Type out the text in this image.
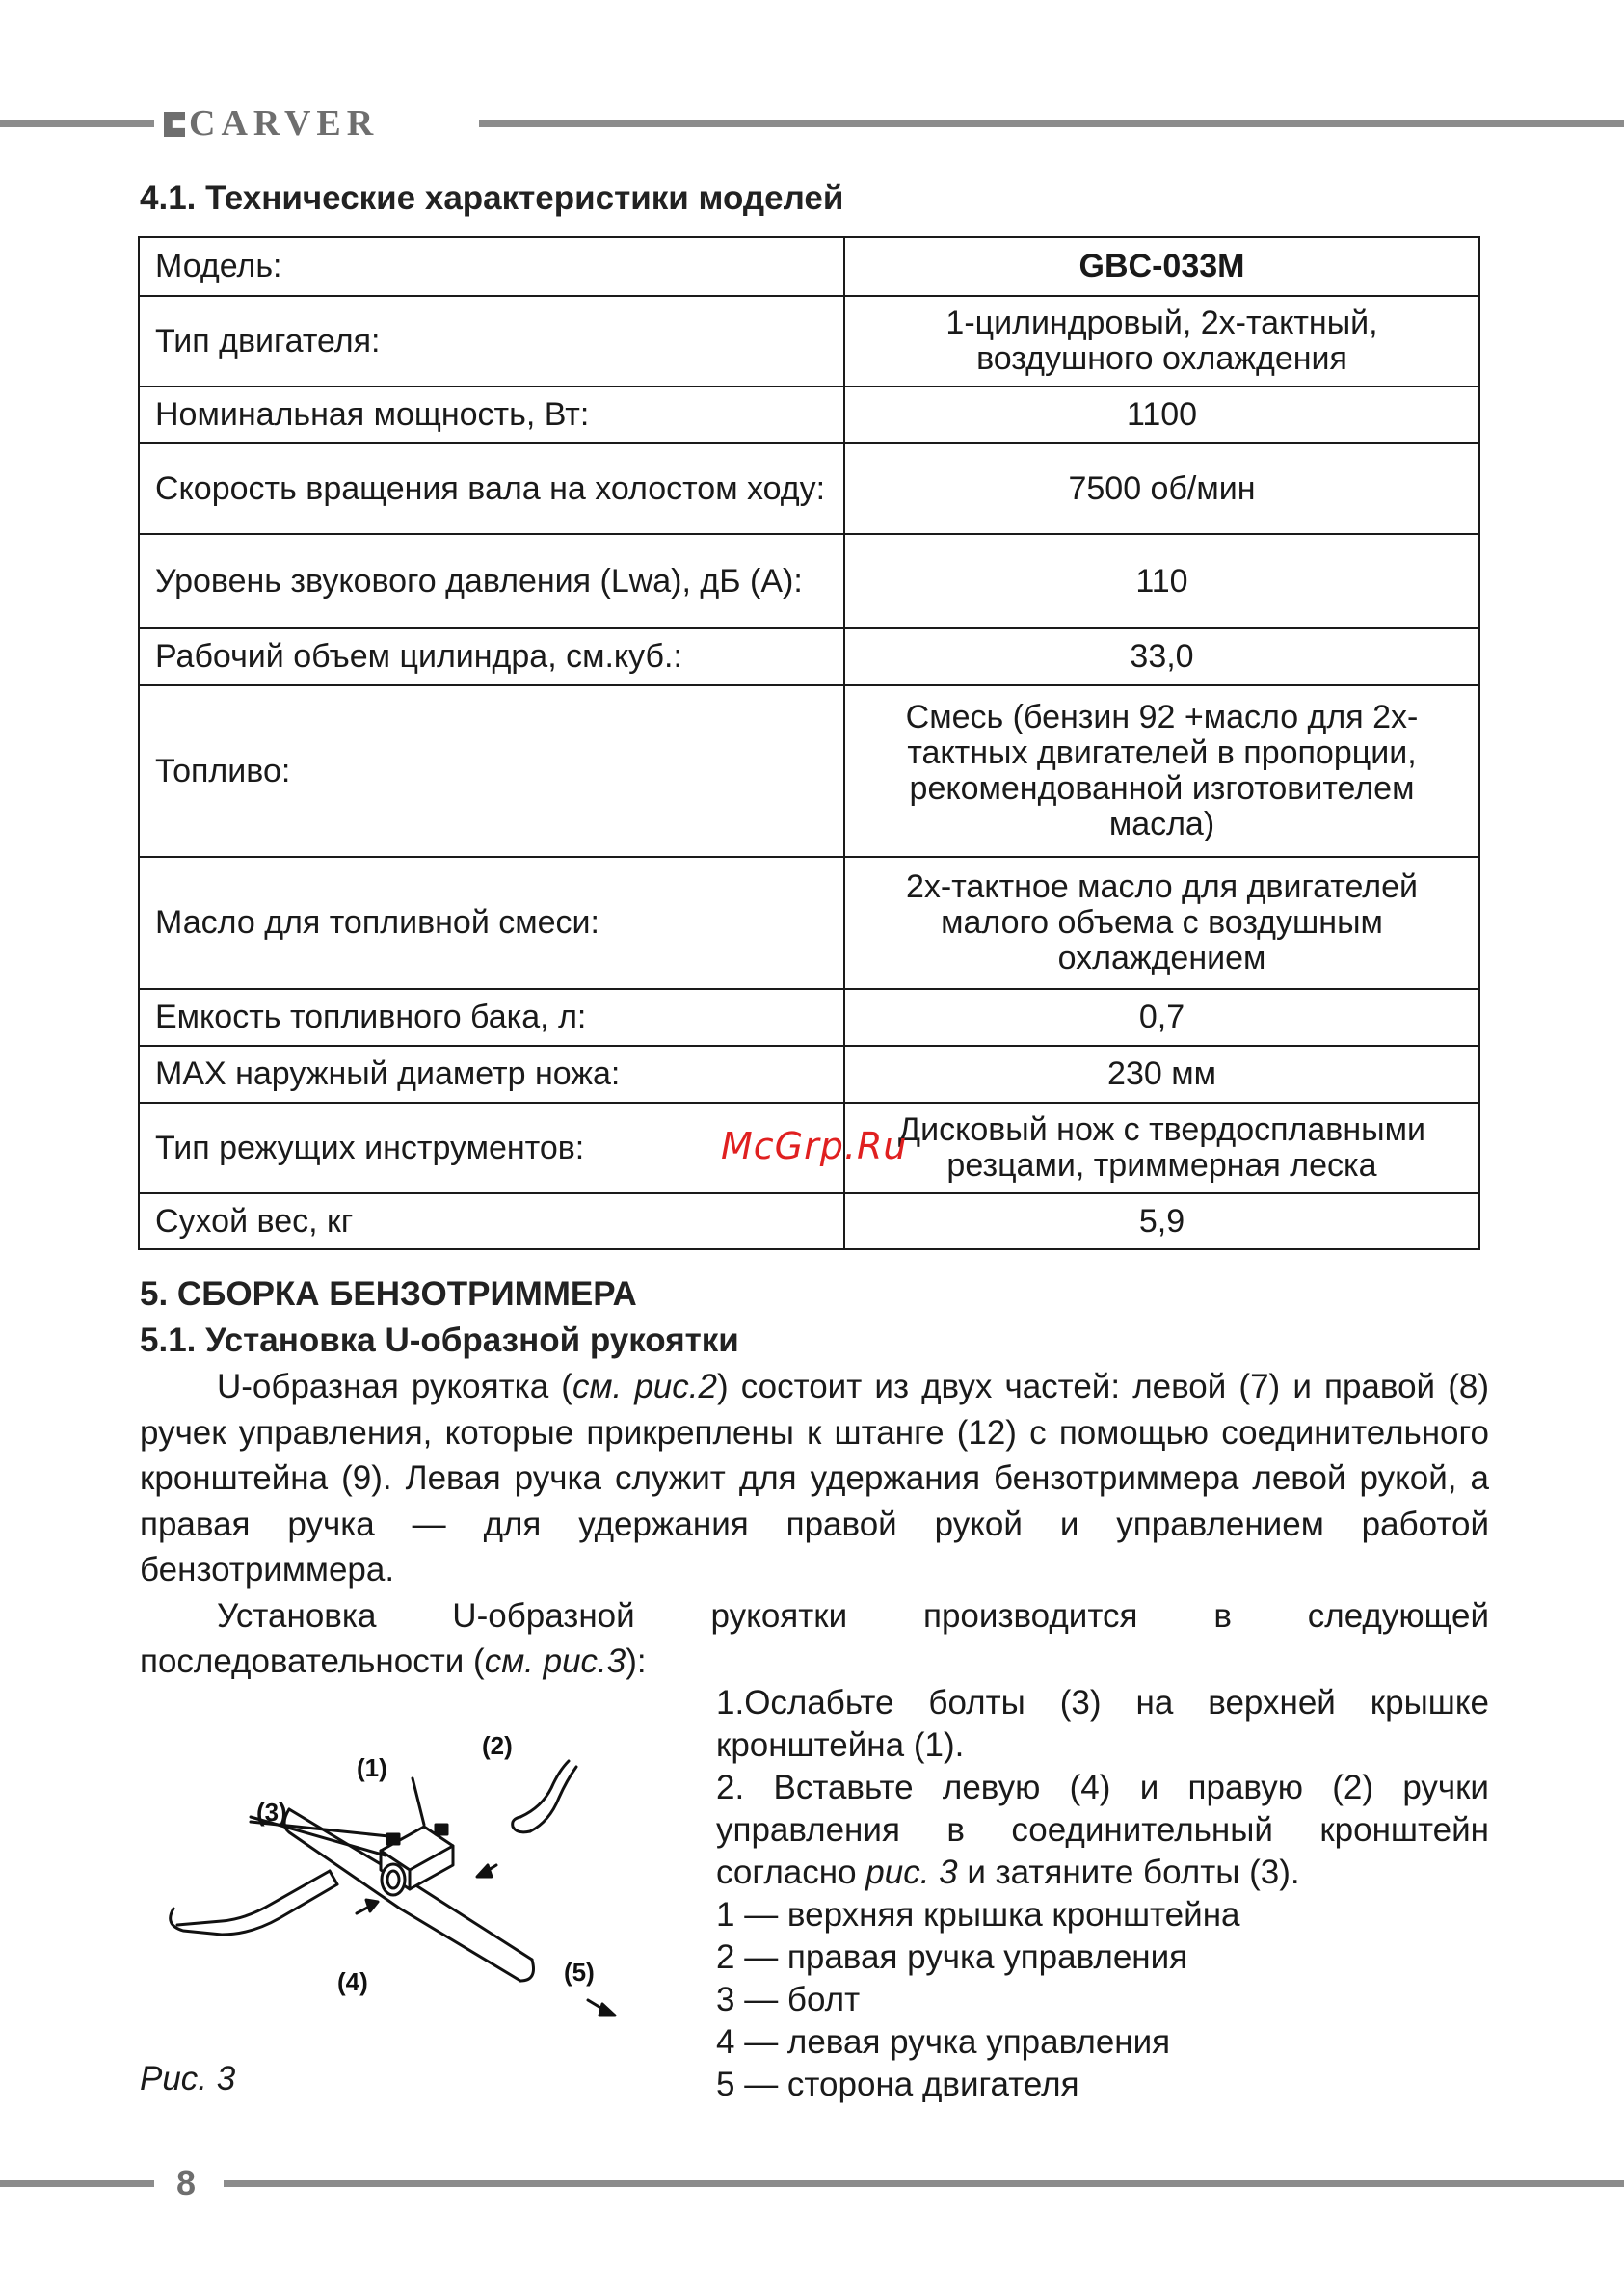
CARVER
4.1. Технические характеристики моделей
Модель:	GBC-033M
Тип двигателя:	1-цилиндровый, 2х-тактный, воздушного охлаждения
Номинальная мощность, Вт:	1100
Скорость вращения вала на холостом ходу:	7500 об/мин
Уровень звукового давления (Lwa), дБ (А):	110
Рабочий объем цилиндра, см.куб.:	33,0
Топливо:	Смесь (бензин 92 +масло для 2х-тактных двигателей в пропорции, рекомендованной изготовителем масла)
Масло для топливной смеси:	2х-тактное масло для двигателей малого объема с воздушным охлаждением
Емкость топливного бака, л:	0,7
MAX наружный диаметр ножа:	230 мм
Тип режущих инструментов:	Дисковый нож с твердосплавными резцами, триммерная леска
Сухой вес, кг	5,9
McGrp.Ru
5. СБОРКА БЕНЗОТРИММЕРА
5.1. Установка U-образной рукоятки

U-образная рукоятка (см. рис.2) состоит из двух частей: левой (7) и правой (8) ручек управления, которые прикреплены к штанге (12) с помощью соединительного кронштейна (9). Левая ручка служит для удержания бензотриммера левой рукой, а правая ручка — для удержания правой рукой и управлением работой бензотриммера.

Установка U-образной рукоятки производится в следующей последовательности (см. рис.3):

(1)
(2)
(3)
(4)	(5)
Рис. 3

1.Ослабьте болты (3) на верхней крышке кронштейна (1).

2. Вставьте левую (4) и правую (2) ручки управления в соединительный кронштейн согласно рис. 3 и затяните болты (3).

1 — верхняя крышка кронштейна

2 — правая ручка управления

3 — болт

4 — левая ручка управления

5 — сторона двигателя

8
